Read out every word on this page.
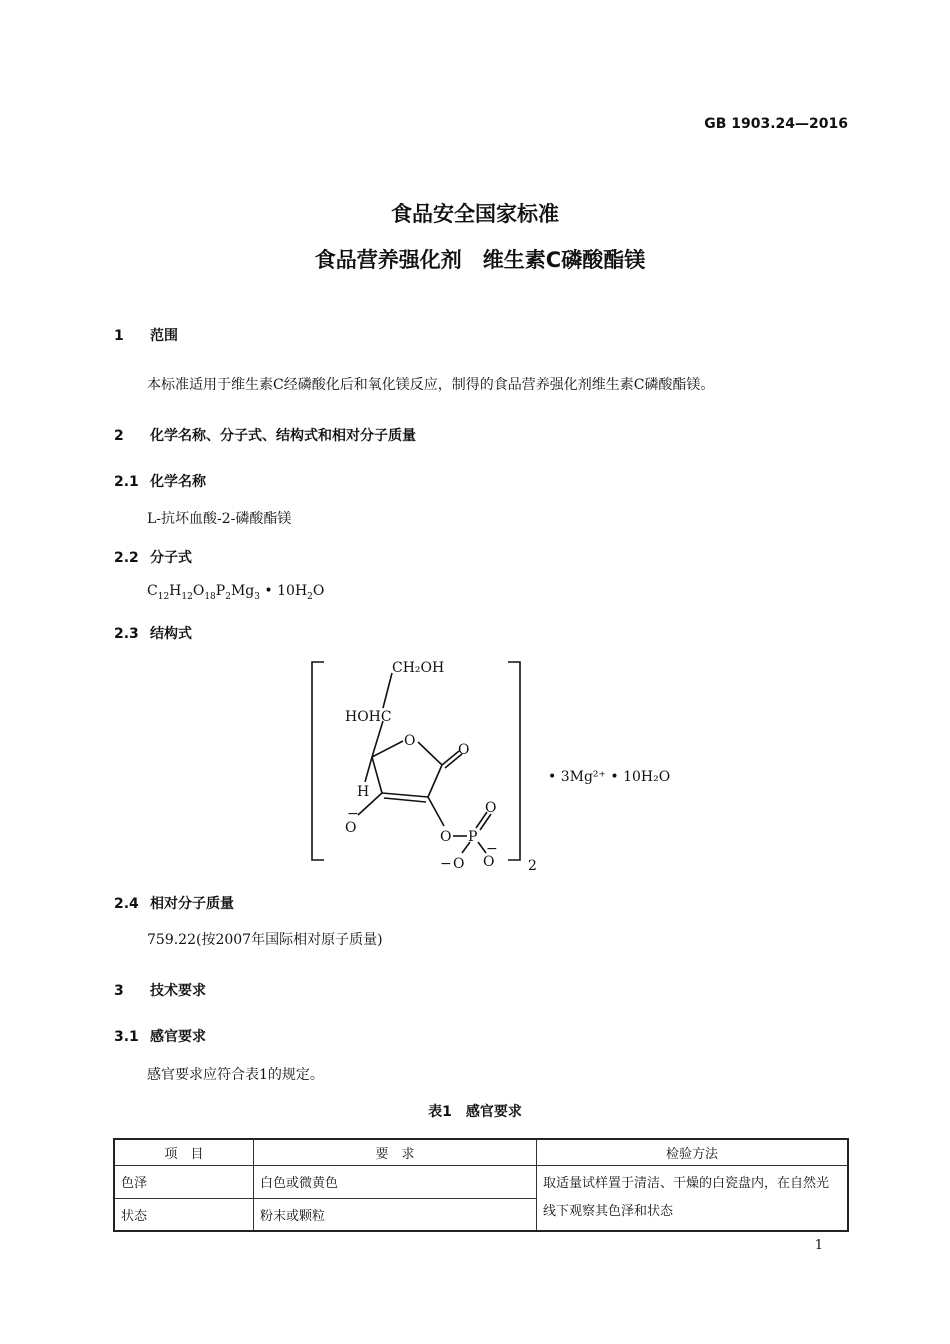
GB 1903.24—2016
食品安全国家标准
食品营养强化剂　维生素C磷酸酯镁
1 范围
本标准适用于维生素C经磷酸化后和氧化镁反应，制得的食品营养强化剂维生素C磷酸酯镁。
2 化学名称、分子式、结构式和相对分子质量
2.1 化学名称
L-抗坏血酸-2-磷酸酯镁
2.2 分子式
$C_{12}H_{12}O_{18}P_2Mg_3$ • $10H_2O$
2.3 结构式
CH₂OH
HOHC
O
O
H
O
−
O P
O
O
−
O
−	2
• 3Mg²⁺ • 10H₂O
2.4 相对分子质量
759.22(按2007年国际相对原子质量)
3 技术要求
3.1 感官要求
感官要求应符合表1的规定。
表1　感官要求
项　目	要　求	检验方法
色泽	白色或微黄色	取适量试样置于清洁、干燥的白瓷盘内，在自然光线下观察其色泽和状态
状态	粉末或颗粒	
1
